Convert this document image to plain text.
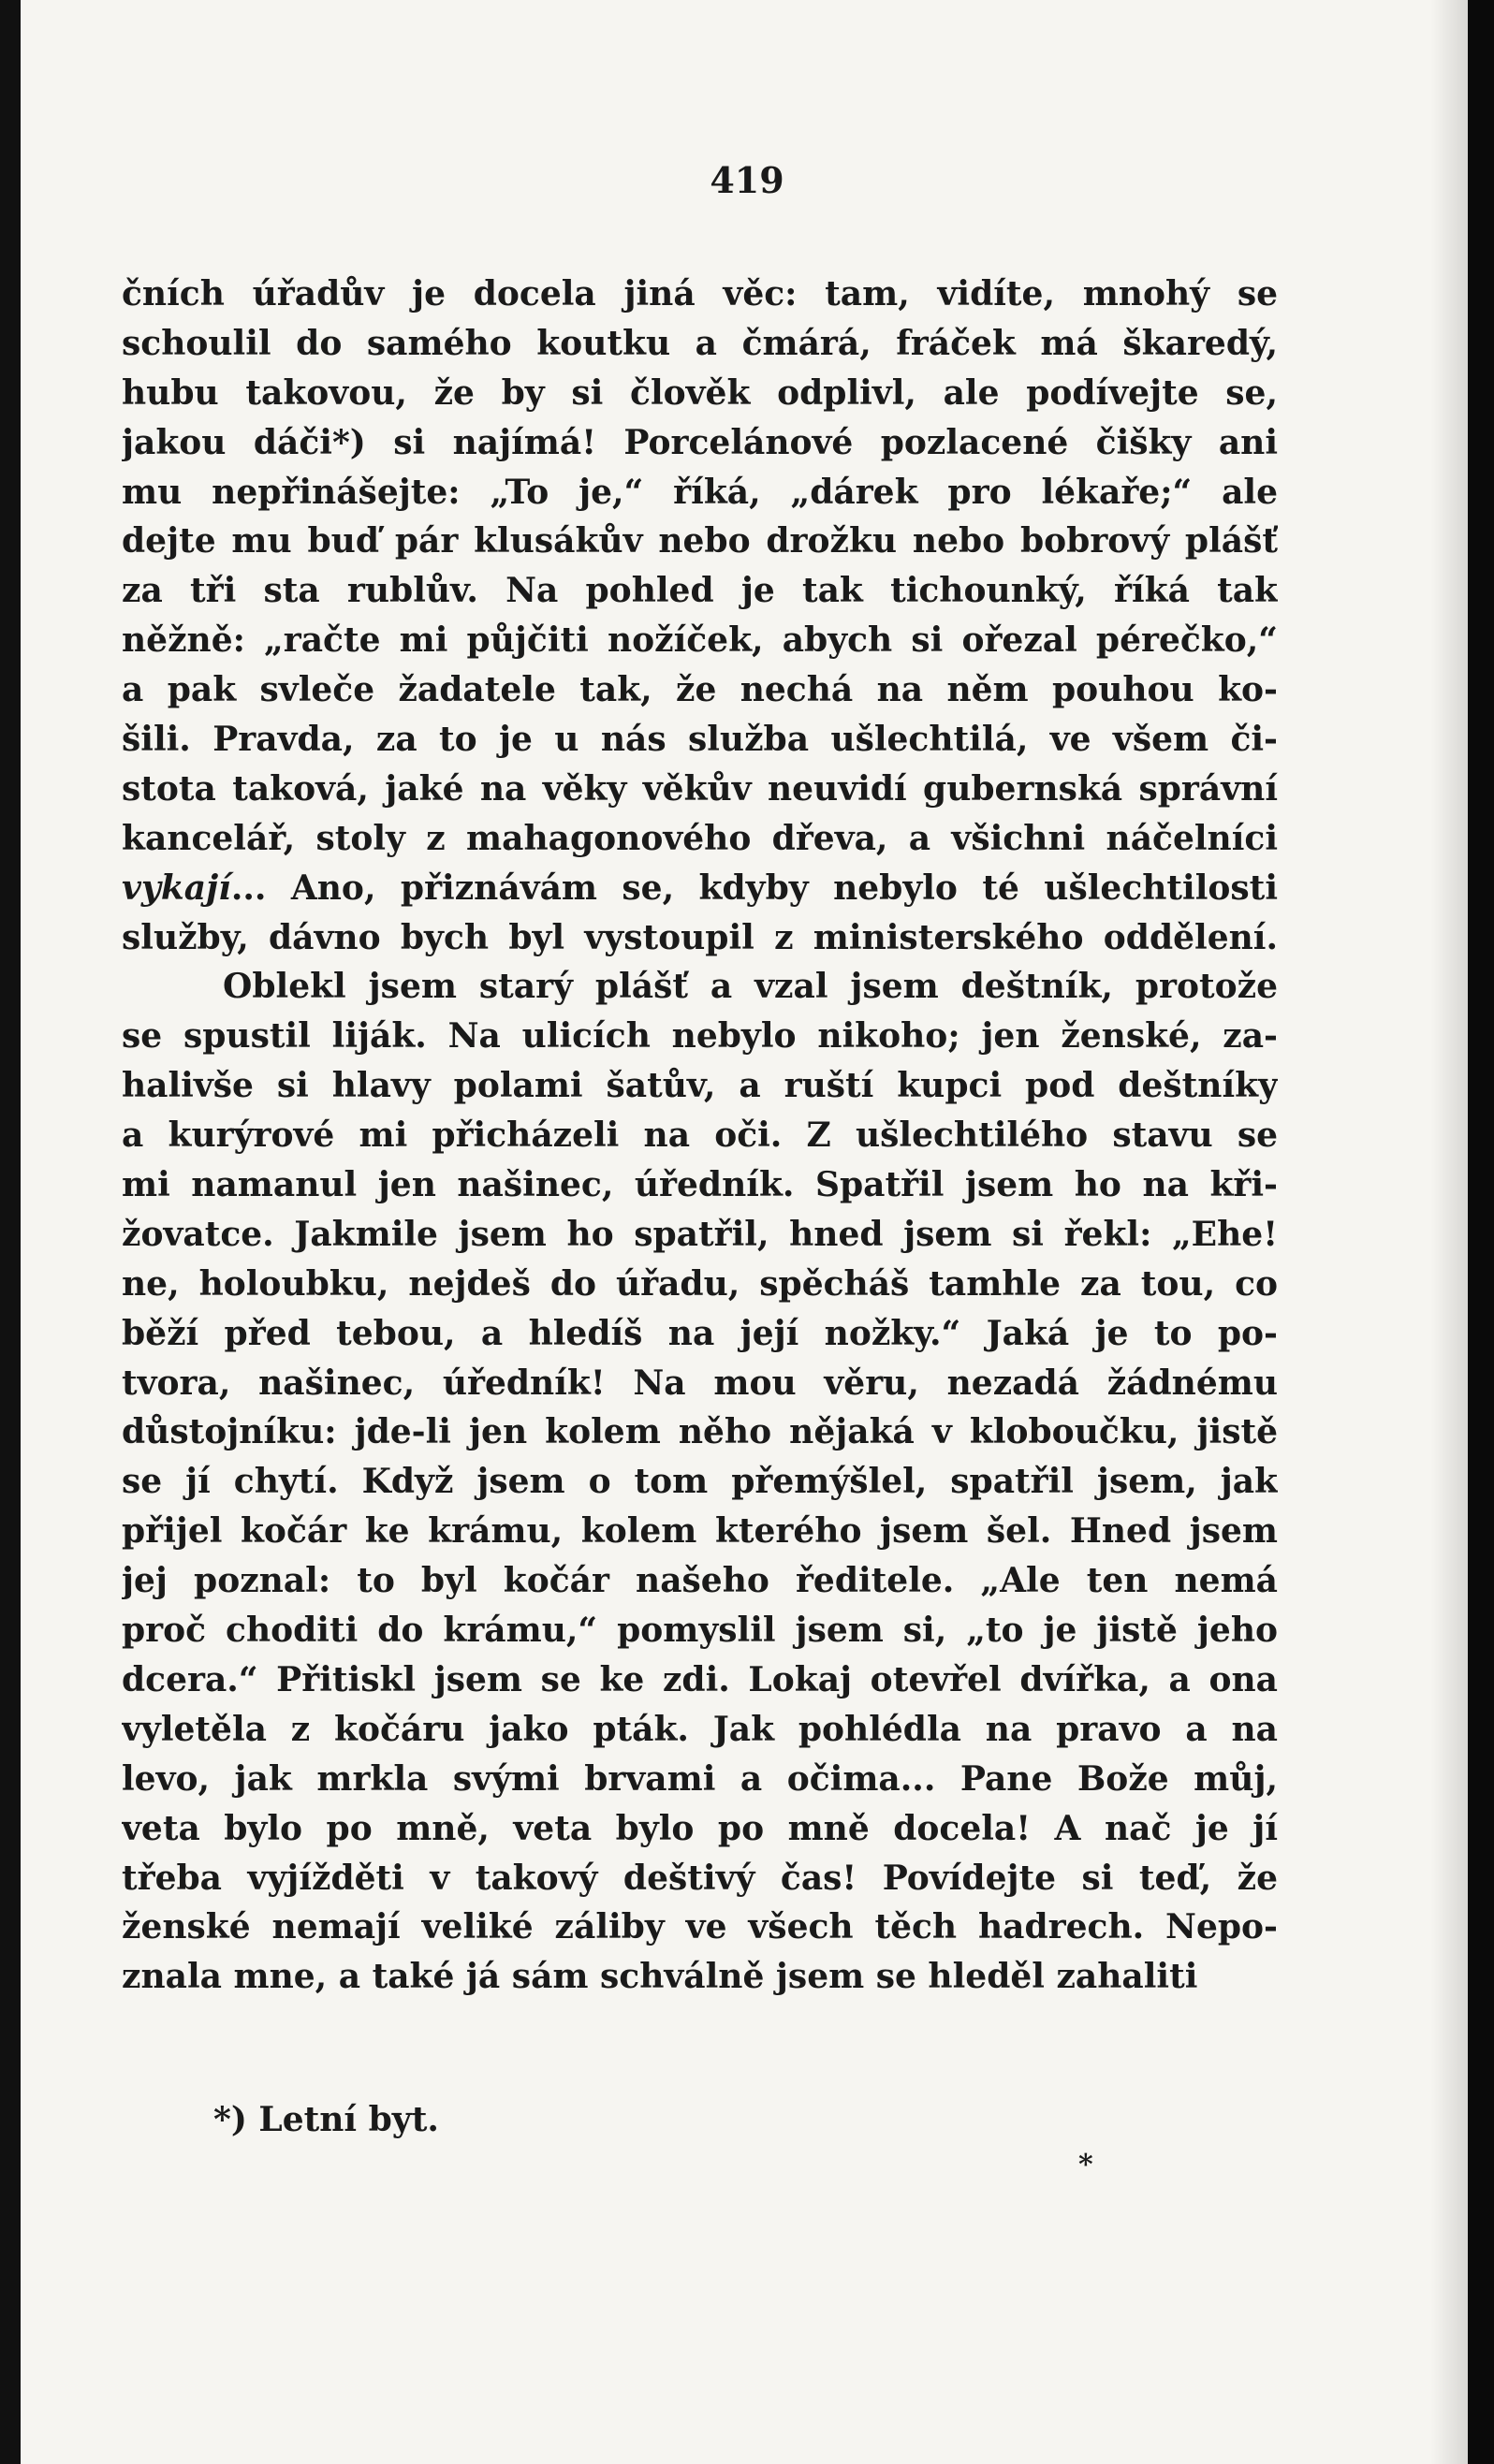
419
čních úřadův je docela jiná věc: tam, vidíte, mnohý se
schoulil do samého koutku a čmárá, fráček má škaredý,
hubu takovou, že by si člověk odplivl, ale podívejte se,
jakou dáči*) si najímá! Porcelánové pozlacené čišky ani
mu nepřinášejte: „To je,“ říká, „dárek pro lékaře;“ ale
dejte mu buď pár klusákův nebo drožku nebo bobrový plášť
za tři sta rublův. Na pohled je tak tichounký, říká tak
něžně: „račte mi půjčiti nožíček, abych si ořezal pérečko,“
a pak svleče žadatele tak, že nechá na něm pouhou ko-
šili. Pravda, za to je u nás služba ušlechtilá, ve všem či-
stota taková, jaké na věky věkův neuvidí gubernská správní
kancelář, stoly z mahagonového dřeva, a všichni náčelníci
vykají... Ano, přiznávám se, kdyby nebylo té ušlechtilosti
služby, dávno bych byl vystoupil z ministerského oddělení.
Oblekl jsem starý plášť a vzal jsem deštník, protože
se spustil liják. Na ulicích nebylo nikoho; jen ženské, za-
halivše si hlavy polami šatův, a ruští kupci pod deštníky
a kurýrové mi přicházeli na oči. Z ušlechtilého stavu se
mi namanul jen našinec, úředník. Spatřil jsem ho na kři-
žovatce. Jakmile jsem ho spatřil, hned jsem si řekl: „Ehe!
ne, holoubku, nejdeš do úřadu, spěcháš tamhle za tou, co
běží před tebou, a hledíš na její nožky.“ Jaká je to po-
tvora, našinec, úředník! Na mou věru, nezadá žádnému
důstojníku: jde-li jen kolem něho nějaká v kloboučku, jistě
se jí chytí. Když jsem o tom přemýšlel, spatřil jsem, jak
přijel kočár ke krámu, kolem kterého jsem šel. Hned jsem
jej poznal: to byl kočár našeho ředitele. „Ale ten nemá
proč choditi do krámu,“ pomyslil jsem si, „to je jistě jeho
dcera.“ Přitiskl jsem se ke zdi. Lokaj otevřel dvířka, a ona
vyletěla z kočáru jako pták. Jak pohlédla na pravo a na
levo, jak mrkla svými brvami a očima... Pane Bože můj,
veta bylo po mně, veta bylo po mně docela! A nač je jí
třeba vyjížděti v takový deštivý čas! Povídejte si teď, že
ženské nemají veliké záliby ve všech těch hadrech. Nepo-
znala mne, a také já sám schválně jsem se hleděl zahaliti
*) Letní byt.
*
